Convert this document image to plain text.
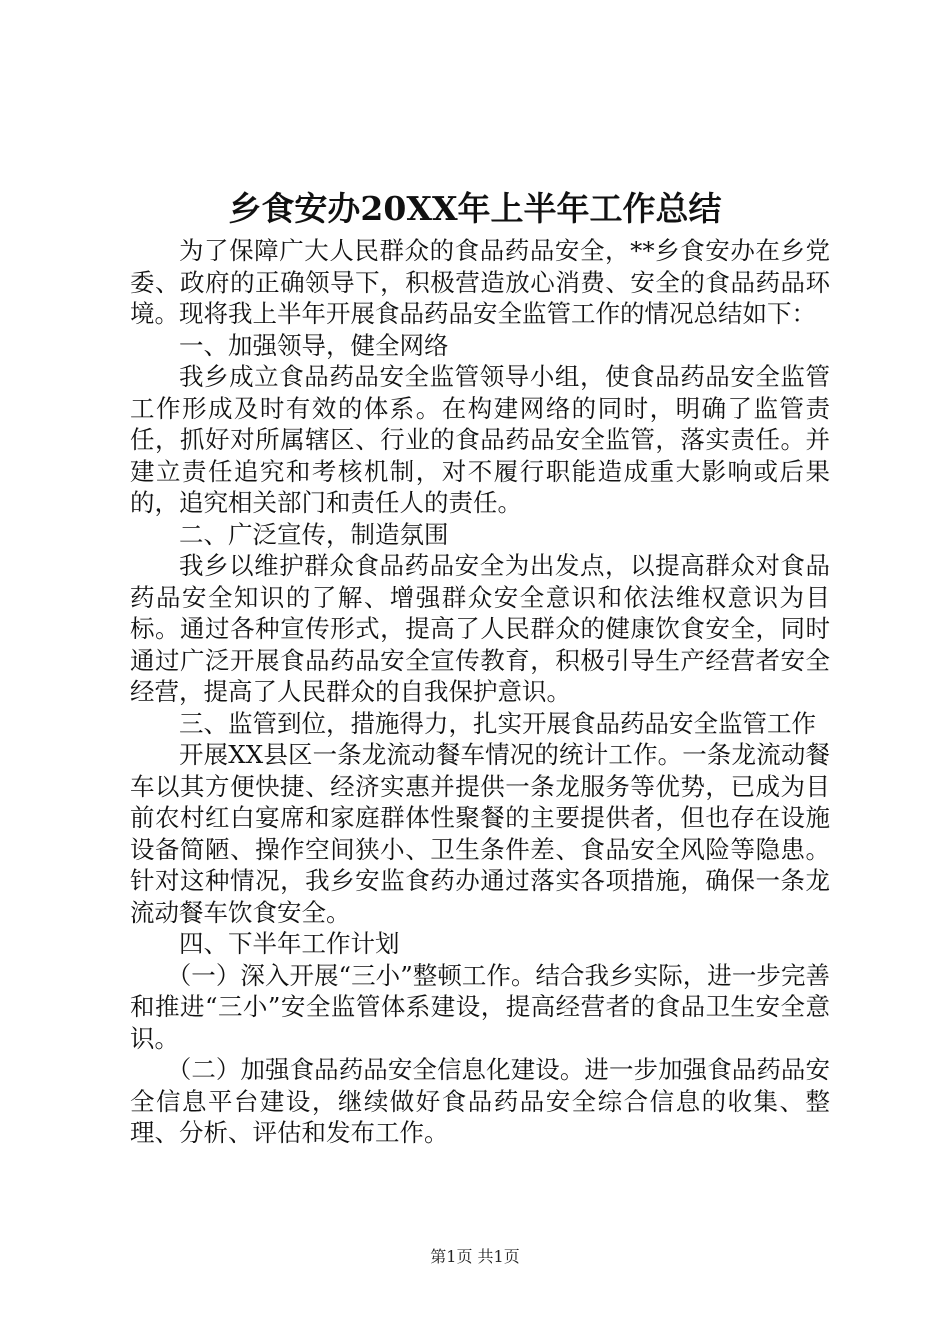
乡食安办20XX年上半年工作总结

为了保障广大人民群众的食品药品安全，**乡食安办在乡党委、政府的正确领导下，积极营造放心消费、安全的食品药品环境。现将我上半年开展食品药品安全监管工作的情况总结如下：

一、加强领导，健全网络

我乡成立食品药品安全监管领导小组，使食品药品安全监管工作形成及时有效的体系。在构建网络的同时，明确了监管责任，抓好对所属辖区、行业的食品药品安全监管，落实责任。并建立责任追究和考核机制，对不履行职能造成重大影响或后果的，追究相关部门和责任人的责任。

二、广泛宣传，制造氛围

我乡以维护群众食品药品安全为出发点，以提高群众对食品药品安全知识的了解、增强群众安全意识和依法维权意识为目标。通过各种宣传形式，提高了人民群众的健康饮食安全，同时通过广泛开展食品药品安全宣传教育，积极引导生产经营者安全经营，提高了人民群众的自我保护意识。

三、监管到位，措施得力，扎实开展食品药品安全监管工作

开展XX县区一条龙流动餐车情况的统计工作。一条龙流动餐车以其方便快捷、经济实惠并提供一条龙服务等优势，已成为目前农村红白宴席和家庭群体性聚餐的主要提供者，但也存在设施设备简陋、操作空间狭小、卫生条件差、食品安全风险等隐患。针对这种情况，我乡安监食药办通过落实各项措施，确保一条龙流动餐车饮食安全。

四、下半年工作计划

（一）深入开展“三小”整顿工作。结合我乡实际，进一步完善和推进“三小”安全监管体系建设，提高经营者的食品卫生安全意识。

（二）加强食品药品安全信息化建设。进一步加强食品药品安全信息平台建设，继续做好食品药品安全综合信息的收集、整理、分析、评估和发布工作。

第1页 共1页
